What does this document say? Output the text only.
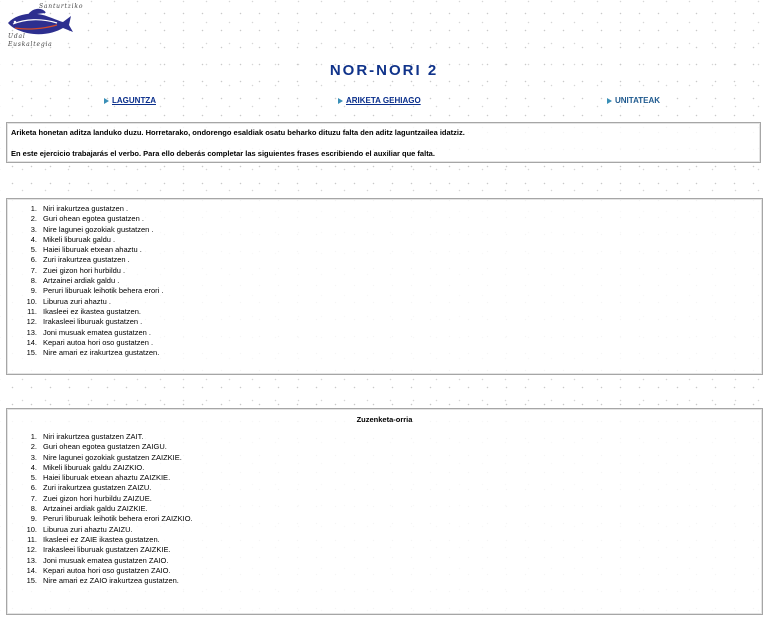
Santurtziko
Udal
Euskaltegia
NOR-NORI 2
LAGUNTZA	ARIKETA GEHIAGO	UNITATEAK

Ariketa honetan aditza landuko duzu. Horretarako, ondorengo esaldiak osatu beharko dituzu falta den aditz laguntzailea idatziz.

En este ejercicio trabajarás el verbo. Para ello deberás completar las siguientes frases escribiendo el auxiliar que falta.

1. Niri irakurtzea gustatzen .
2. Guri ohean egotea gustatzen .
3. Nire lagunei gozokiak gustatzen .
4. Mikeli liburuak galdu .
5. Haiei liburuak etxean ahaztu .
6. Zuri irakurtzea gustatzen .
7. Zuei gizon hori hurbildu .
8. Artzainei ardiak galdu .
9. Peruri liburuak leihotik behera erori .
10. Liburua zuri ahaztu .
11. Ikasleei ez ikastea gustatzen.
12. Irakasleei liburuak gustatzen .
13. Joni musuak ematea gustatzen .
14. Kepari autoa hori oso gustatzen .
15. Nire amari ez irakurtzea gustatzen.
Zuzenketa-orria
1. Niri irakurtzea gustatzen ZAIT.
2. Guri ohean egotea gustatzen ZAIGU.
3. Nire lagunei gozokiak gustatzen ZAIZKIE.
4. Mikeli liburuak galdu ZAIZKIO.
5. Haiei liburuak etxean ahaztu ZAIZKIE.
6. Zuri irakurtzea gustatzen ZAIZU.
7. Zuei gizon hori hurbildu ZAIZUE.
8. Artzainei ardiak galdu ZAIZKIE.
9. Peruri liburuak leihotik behera erori ZAIZKIO.
10. Liburua zuri ahaztu ZAIZU.
11. Ikasleei ez ZAIE ikastea gustatzen.
12. Irakasleei liburuak gustatzen ZAIZKIE.
13. Joni musuak ematea gustatzen ZAIO.
14. Kepari autoa hori oso gustatzen ZAIO.
15. Nire amari ez ZAIO irakurtzea gustatzen.
